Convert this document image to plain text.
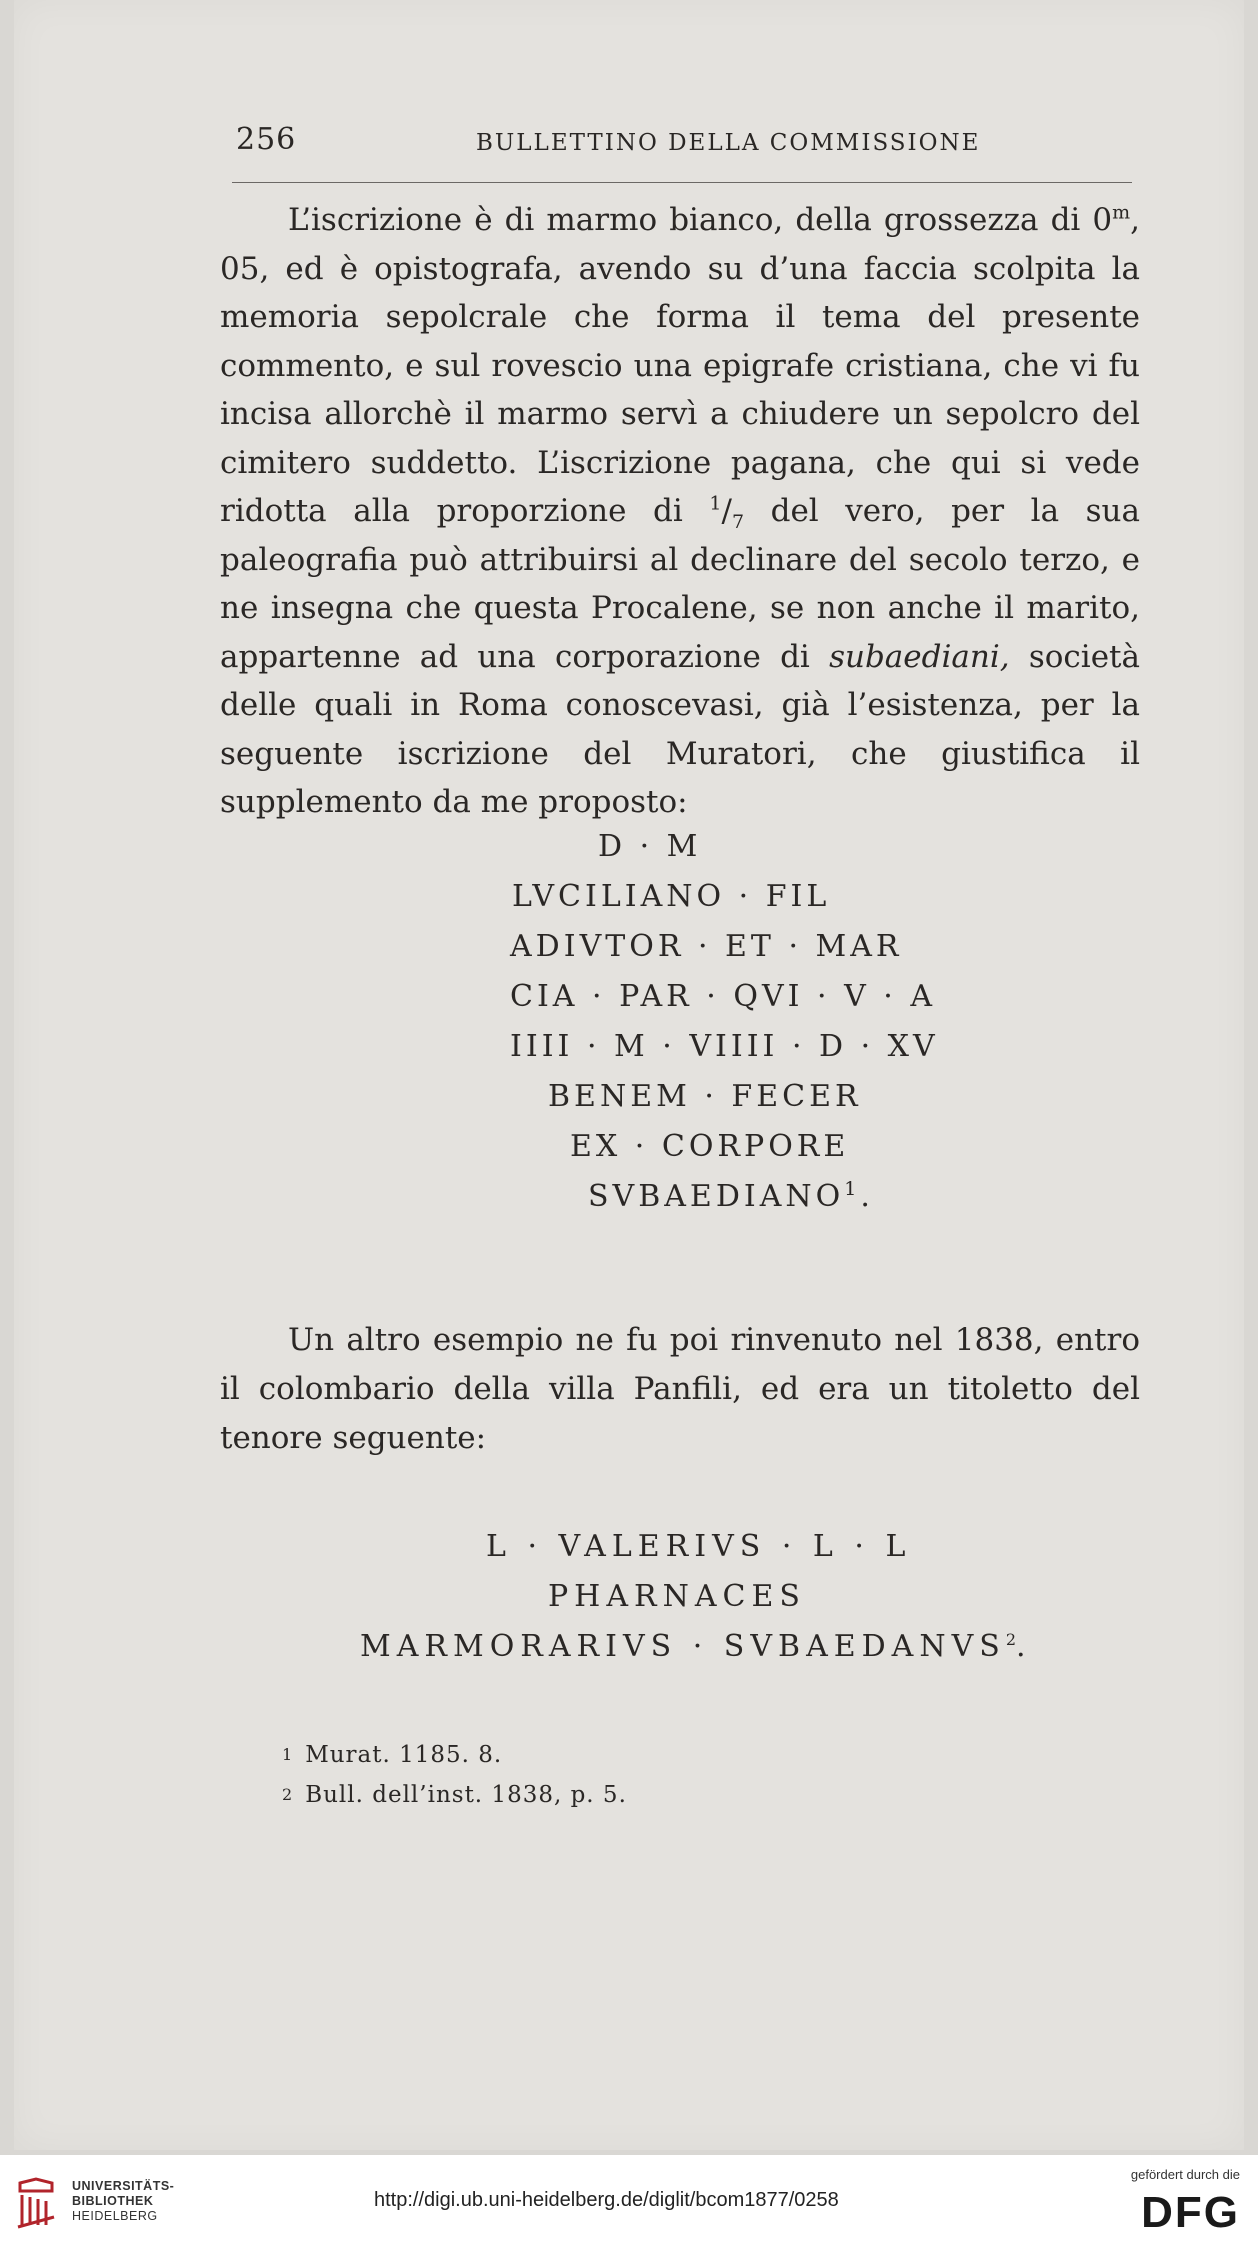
256	BULLETTINO DELLA COMMISSIONE

L’iscrizione è di marmo bianco, della grossezza di 0$^m$, 05, ed è opistografa, avendo su d’una faccia scolpita la memoria sepolcrale che forma il tema del presente commento, e sul rovescio una epigrafe cristiana, che vi fu incisa allorchè il marmo servì a chiudere un sepolcro del cimitero suddetto. L’iscrizione pagana, che qui si vede ridotta alla proporzione di $^1/_7$ del vero, per la sua paleografia può attribuirsi al declinare del secolo terzo, e ne insegna che questa Procalene, se non anche il marito, appartenne ad una corporazione di subaediani, società delle quali in Roma conoscevasi, già l’esistenza, per la seguente iscrizione del Muratori, che giustifica il supplemento da me proposto:

D · M
LVCILIANO · FIL
ADIVTOR · ET · MAR
CIA · PAR · QVI · V · A
IIII · M · VIIII · D · XV
BENEM · FECER
EX · CORPORE
SVBAEDIANO$^1$.
Un altro esempio ne fu poi rinvenuto nel 1838, entro il colombario della villa Panfili, ed era un titoletto del tenore seguente:
L · VALERIVS · L · L
PHARNACES
MARMORARIVS · $SVBAEDANVS^2$.
$^1$ Murat. 1185. 8.
$^2$ Bull. dell’inst. 1838, p. 5.
UNIVERSITÄTS-
BIBLIOTHEK
HEIDELBERG
http://digi.ub.uni-heidelberg.de/diglit/bcom1877/0258
gefördert durch die
DFG
